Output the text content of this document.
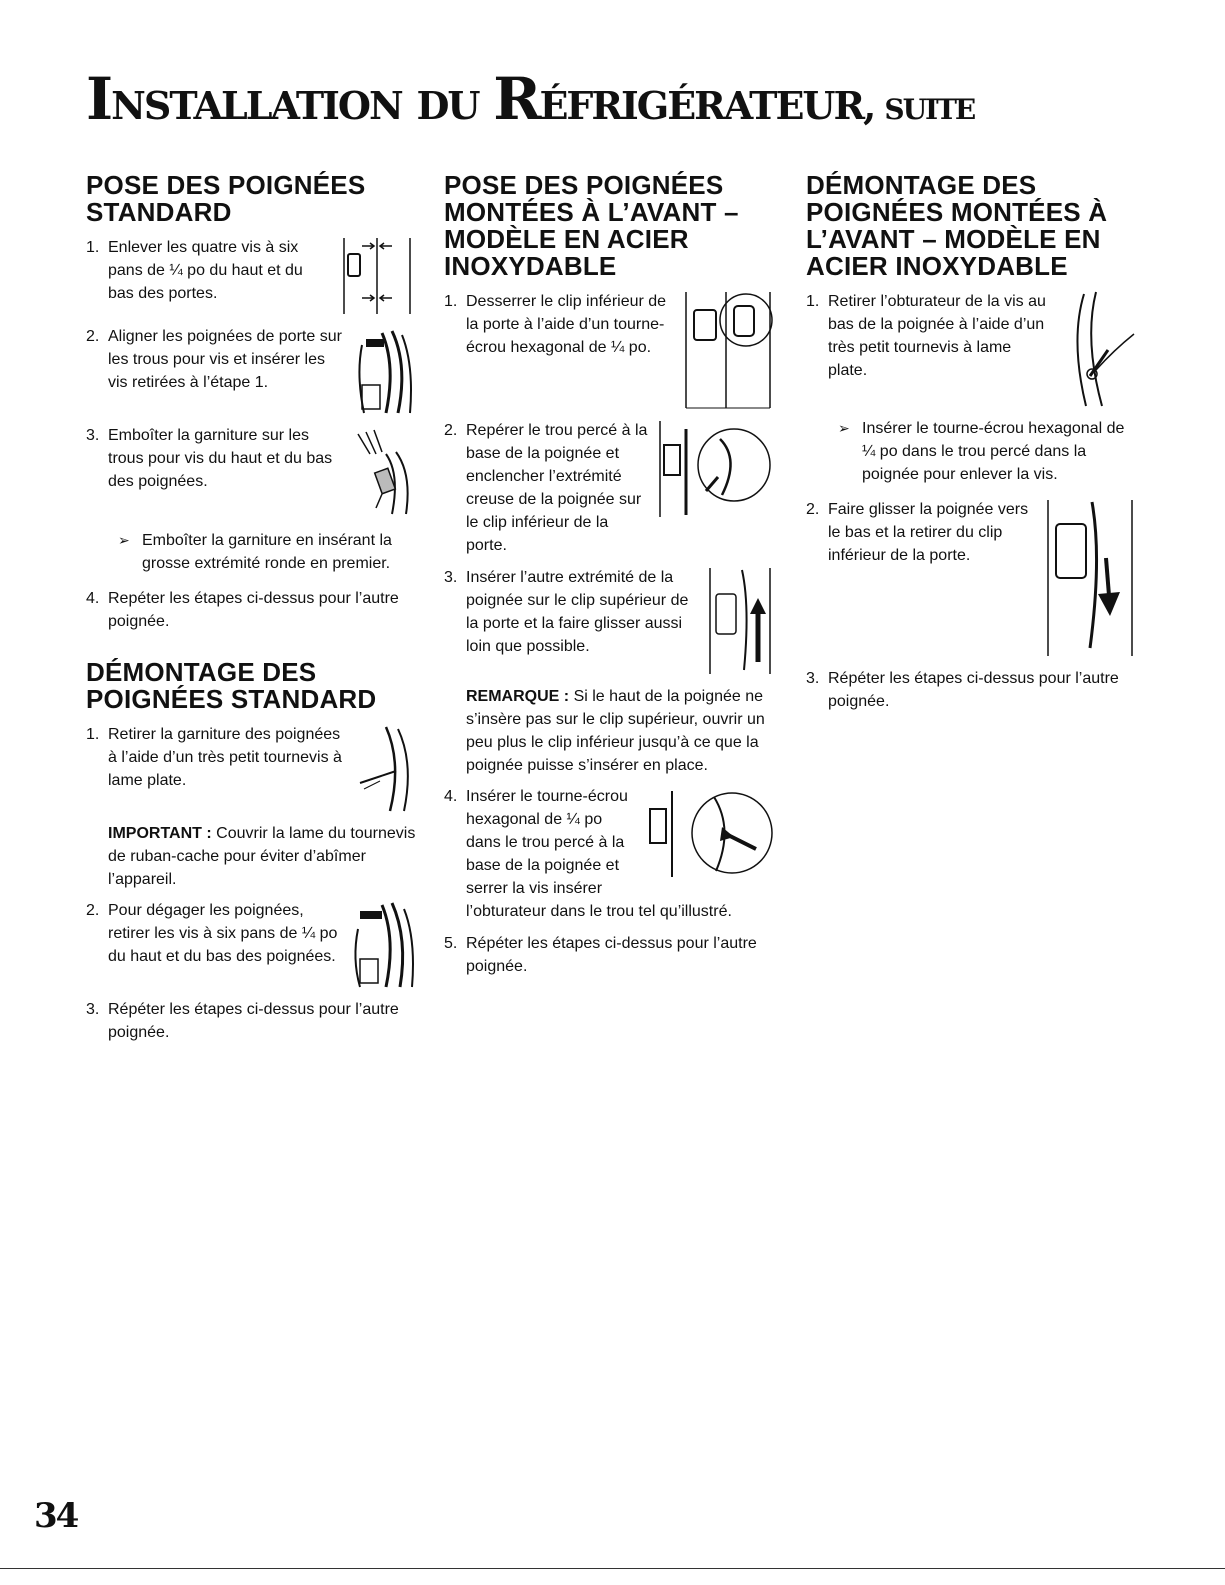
INSTALLATION DU RÉFRIGÉRATEUR, SUITE
POSE DES POIGNÉES STANDARD
1. Enlever les quatre vis à six pans de ¼ po du haut et du bas des portes.
2. Aligner les poignées de porte sur les trous pour vis et insérer les vis retirées à l’étape 1.
3. Emboîter la garniture sur les trous pour vis du haut et du bas des poignées.
➢ Emboîter la garniture en insérant la grosse extrémité ronde en premier.
4. Repéter les étapes ci-dessus pour l’autre poignée.
DÉMONTAGE DES POIGNÉES STANDARD
1. Retirer la garniture des poignées à l’aide d’un très petit tournevis à lame plate.
IMPORTANT : Couvrir la lame du tournevis de ruban-cache pour éviter d’abîmer l’appareil.
2. Pour dégager les poignées, retirer les vis à six pans de ¼ po du haut et du bas des poignées.
3. Répéter les étapes ci-dessus pour l’autre poignée.
POSE DES POIGNÉES MONTÉES À L’AVANT – MODÈLE EN ACIER INOXYDABLE
1. Desserrer le clip inférieur de la porte à l’aide d’un tourne-écrou hexagonal de ¼ po.
2. Repérer le trou percé à la base de la poignée et enclencher l’extrémité creuse de la poignée sur le clip inférieur de la porte.
3. Insérer l’autre extrémité de la poignée sur le clip supérieur de la porte et la faire glisser aussi loin que possible.
REMARQUE : Si le haut de la poignée ne s’insère pas sur le clip supérieur, ouvrir un peu plus le clip inférieur jusqu’à ce que la poignée puisse s’insérer en place.
4. Insérer le tourne-écrou hexagonal de ¼ po dans le trou percé à la base de la poignée et serrer la vis insérer l’obturateur dans le trou tel qu’illustré.
5. Répéter les étapes ci-dessus pour l’autre poignée.
DÉMONTAGE DES POIGNÉES MONTÉES À L’AVANT – MODÈLE EN ACIER INOXYDABLE
1. Retirer l’obturateur de la vis au bas de la poignée à l’aide d’un très petit tournevis à lame plate.
➢ Insérer le tourne-écrou hexagonal de ¼ po dans le trou percé dans la poignée pour enlever la vis.
2. Faire glisser la poignée vers le bas et la retirer du clip inférieur de la porte.
3. Répéter les étapes ci-dessus pour l’autre poignée.
34
